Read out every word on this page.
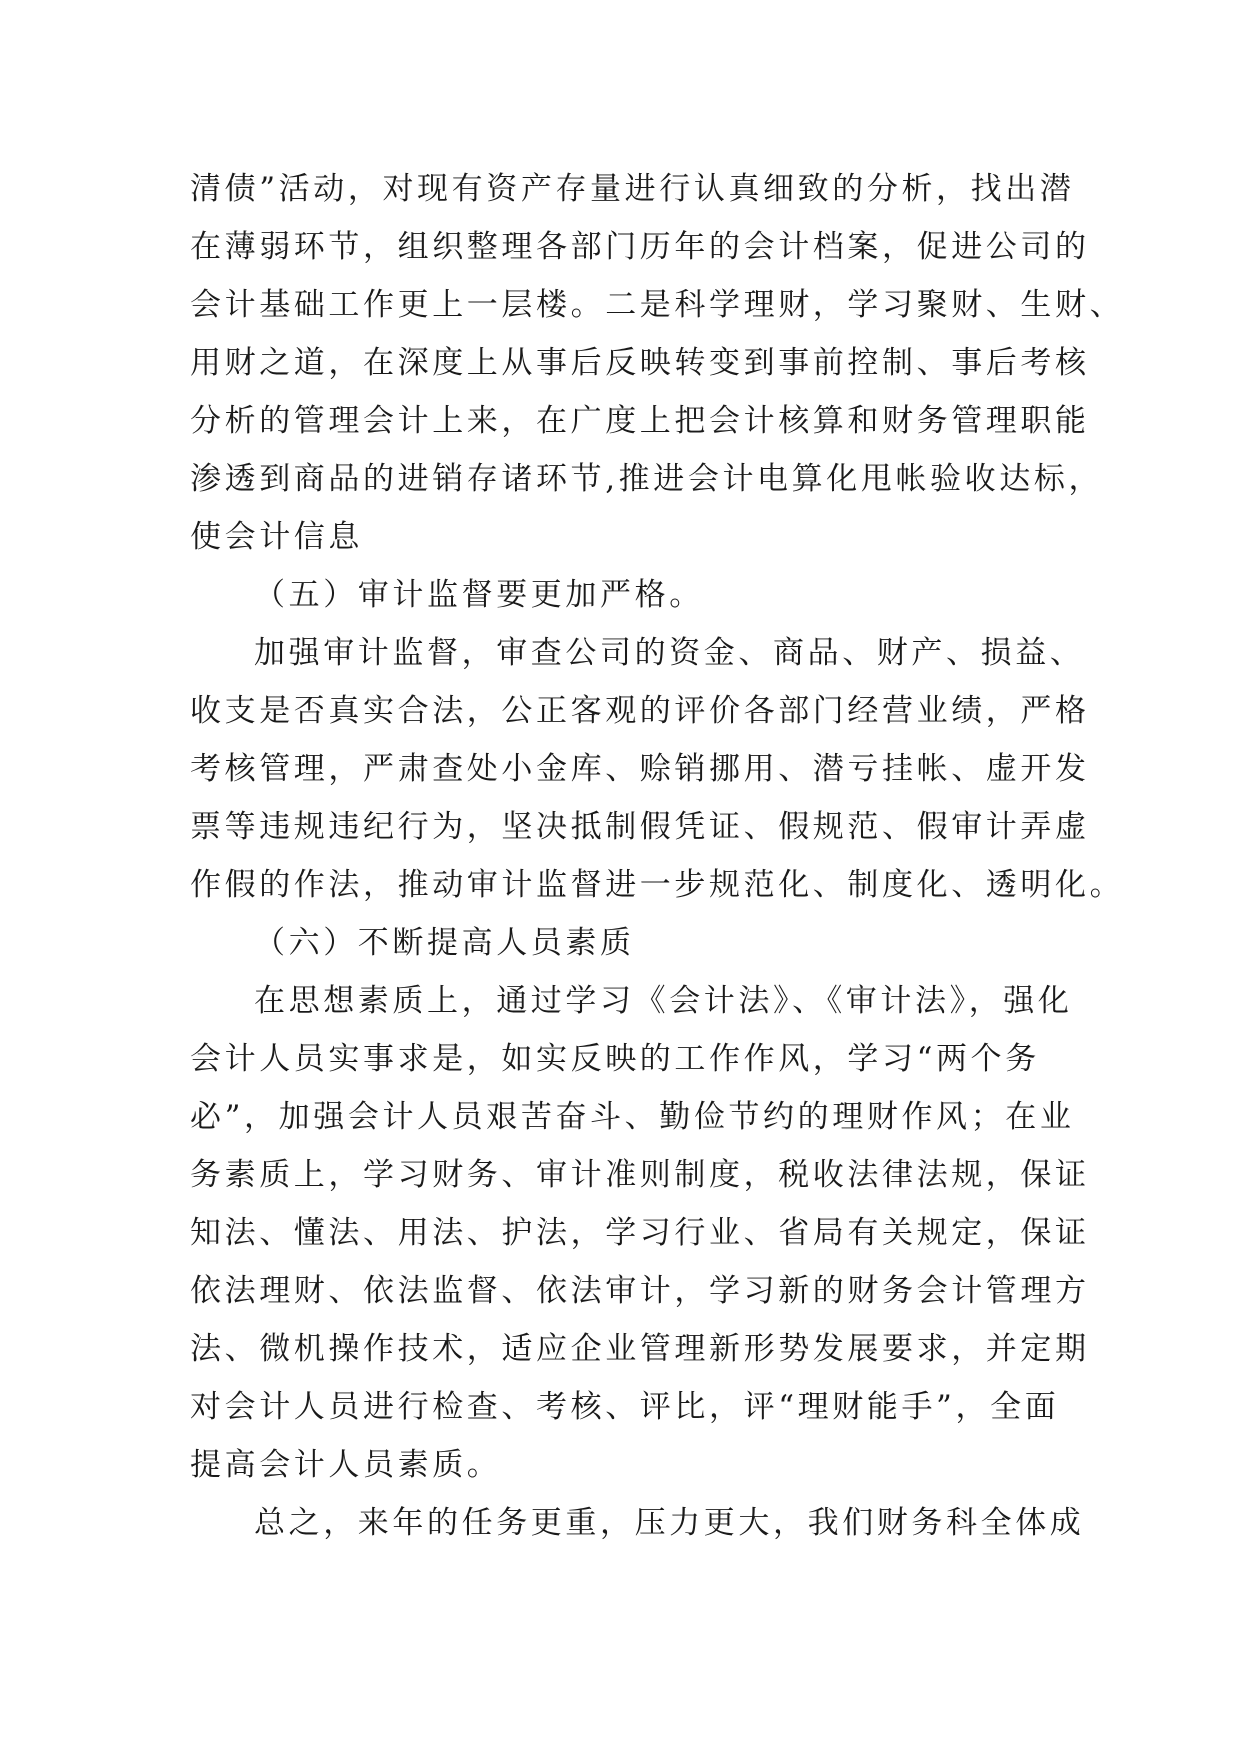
清债”活动，对现有资产存量进行认真细致的分析，找出潜
在薄弱环节，组织整理各部门历年的会计档案，促进公司的
会计基础工作更上一层楼。二是科学理财，学习聚财、生财、
用财之道，在深度上从事后反映转变到事前控制、事后考核
分析的管理会计上来，在广度上把会计核算和财务管理职能
渗透到商品的进销存诸环节,推进会计电算化甩帐验收达标，
使会计信息
（五）审计监督要更加严格。
加强审计监督，审查公司的资金、商品、财产、损益、
收支是否真实合法，公正客观的评价各部门经营业绩，严格
考核管理，严肃查处小金库、赊销挪用、潜亏挂帐、虚开发
票等违规违纪行为，坚决抵制假凭证、假规范、假审计弄虚
作假的作法，推动审计监督进一步规范化、制度化、透明化。
（六）不断提高人员素质
在思想素质上，通过学习《会计法》、《审计法》，强化
会计人员实事求是，如实反映的工作作风，学习“两个务
必”，加强会计人员艰苦奋斗、勤俭节约的理财作风；在业
务素质上，学习财务、审计准则制度，税收法律法规，保证
知法、懂法、用法、护法，学习行业、省局有关规定，保证
依法理财、依法监督、依法审计，学习新的财务会计管理方
法、微机操作技术，适应企业管理新形势发展要求，并定期
对会计人员进行检查、考核、评比，评“理财能手”，全面
提高会计人员素质。
总之，来年的任务更重，压力更大，我们财务科全体成
